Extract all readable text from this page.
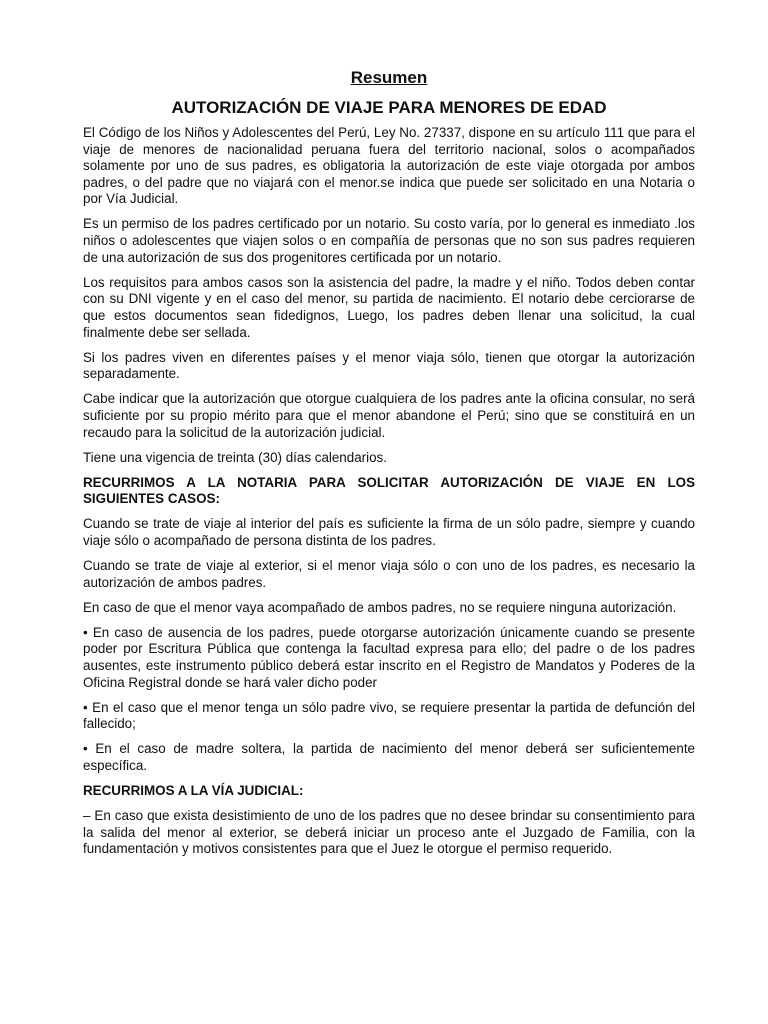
Resumen
AUTORIZACIÓN DE VIAJE PARA MENORES DE EDAD
El Código de los Niños y Adolescentes del Perú, Ley No. 27337, dispone en su artículo 111 que para el viaje de menores de nacionalidad peruana fuera del territorio nacional, solos o acompañados solamente por uno de sus padres, es obligatoria la autorización de este viaje otorgada por ambos padres, o del padre que no viajará con el menor.se indica que puede ser solicitado en una Notaria o por Vía Judicial.
Es un permiso de los padres certificado por un notario. Su costo varía, por lo general es inmediato .los niños o adolescentes que viajen solos o en compañía de personas que no son sus padres requieren de una autorización de sus dos progenitores certificada por un notario.
Los requisitos para ambos casos son la asistencia del padre, la madre y el niño. Todos deben contar con su DNI vigente y en el caso del menor, su partida de nacimiento. El notario debe cerciorarse de que estos documentos sean fidedignos, Luego, los padres deben llenar una solicitud, la cual finalmente debe ser sellada.
Si los padres viven en diferentes países y el menor viaja sólo, tienen que otorgar la autorización separadamente.
Cabe indicar que la autorización que otorgue cualquiera de los padres ante la oficina consular, no será suficiente por su propio mérito para que el menor abandone el Perú; sino que se constituirá en un recaudo para la solicitud de la autorización judicial.
Tiene una vigencia de treinta (30) días calendarios.
RECURRIMOS A LA NOTARIA PARA SOLICITAR AUTORIZACIÓN DE VIAJE EN LOS SIGUIENTES CASOS:
Cuando se trate de viaje al interior del país es suficiente la firma de un sólo padre, siempre y cuando viaje sólo o acompañado de persona distinta de los padres.
Cuando se trate de viaje al exterior, si el menor viaja sólo o con uno de los padres, es necesario la autorización de ambos padres.
En caso de que el menor vaya acompañado de ambos padres, no se requiere ninguna autorización.
• En caso de ausencia de los padres, puede otorgarse autorización únicamente cuando se presente poder por Escritura Pública que contenga la facultad expresa para ello; del padre o de los padres ausentes, este instrumento público deberá estar inscrito en el Registro de Mandatos y Poderes de la Oficina Registral donde se hará valer dicho poder
• En el caso que el menor tenga un sólo padre vivo, se requiere presentar la partida de defunción del fallecido;
• En el caso de madre soltera, la partida de nacimiento del menor deberá ser suficientemente específica.
RECURRIMOS A LA VÍA JUDICIAL:
– En caso que exista desistimiento de uno de los padres que no desee brindar su consentimiento para la salida del menor al exterior, se deberá iniciar un proceso ante el Juzgado de Familia, con la fundamentación y motivos consistentes para que el Juez le otorgue el permiso requerido.
